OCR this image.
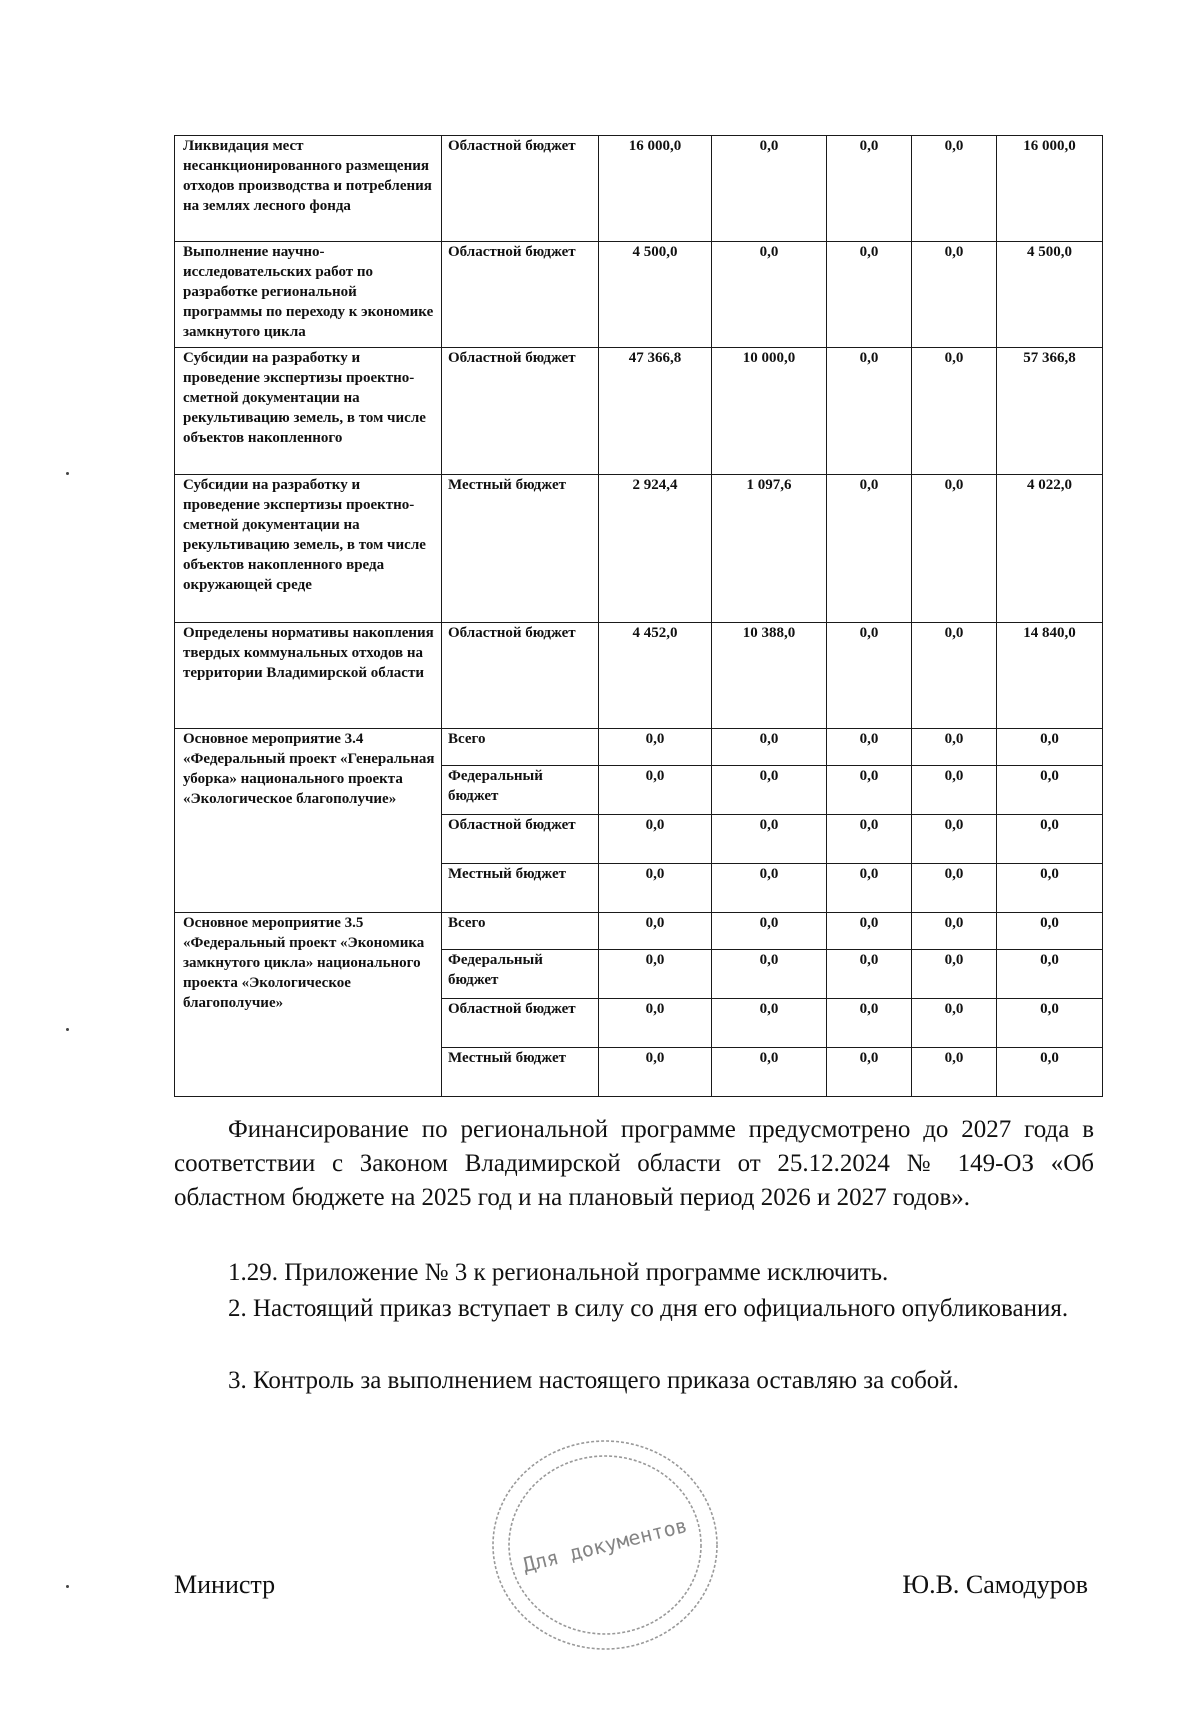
Ликвидация мест несанкционированного размещения отходов производства и потребления на землях лесного фонда	Областной бюджет	16 000,0	0,0	0,0	0,0	16 000,0
Выполнение научно-исследовательских работ по разработке региональной программы по переходу к экономике замкнутого цикла	Областной бюджет	4 500,0	0,0	0,0	0,0	4 500,0
Субсидии на разработку и проведение экспертизы проектно-сметной документации на рекультивацию земель, в том числе объектов накопленного	Областной бюджет	47 366,8	10 000,0	0,0	0,0	57 366,8
Субсидии на разработку и проведение экспертизы проектно-сметной документации на рекультивацию земель, в том числе объектов накопленного вреда окружающей среде	Местный бюджет	2 924,4	1 097,6	0,0	0,0	4 022,0
Определены нормативы накопления твердых коммунальных отходов на территории Владимирской области	Областной бюджет	4 452,0	10 388,0	0,0	0,0	14 840,0
Основное мероприятие 3.4 «Федеральный проект «Генеральная уборка» национального проекта «Экологическое благополучие»	Всего	0,0	0,0	0,0	0,0	0,0
	Федеральный бюджет	0,0	0,0	0,0	0,0	0,0
	Областной бюджет	0,0	0,0	0,0	0,0	0,0
	Местный бюджет	0,0	0,0	0,0	0,0	0,0
Основное мероприятие 3.5 «Федеральный проект «Экономика замкнутого цикла» национального проекта «Экологическое благополучие»	Всего	0,0	0,0	0,0	0,0	0,0
	Федеральный бюджет	0,0	0,0	0,0	0,0	0,0
	Областной бюджет	0,0	0,0	0,0	0,0	0,0
	Местный бюджет	0,0	0,0	0,0	0,0	0,0

Финансирование по региональной программе предусмотрено до 2027 года в соответствии с Законом Владимирской области от 25.12.2024 № 149-ОЗ «Об областном бюджете на 2025 год и на плановый период 2026 и 2027 годов».

1.29. Приложение № 3 к региональной программе исключить.

2. Настоящий приказ вступает в силу со дня его официального опубликования.

3. Контроль за выполнением настоящего приказа оставляю за собой.

Министр	Ю.В. Самодуров
Для документов
